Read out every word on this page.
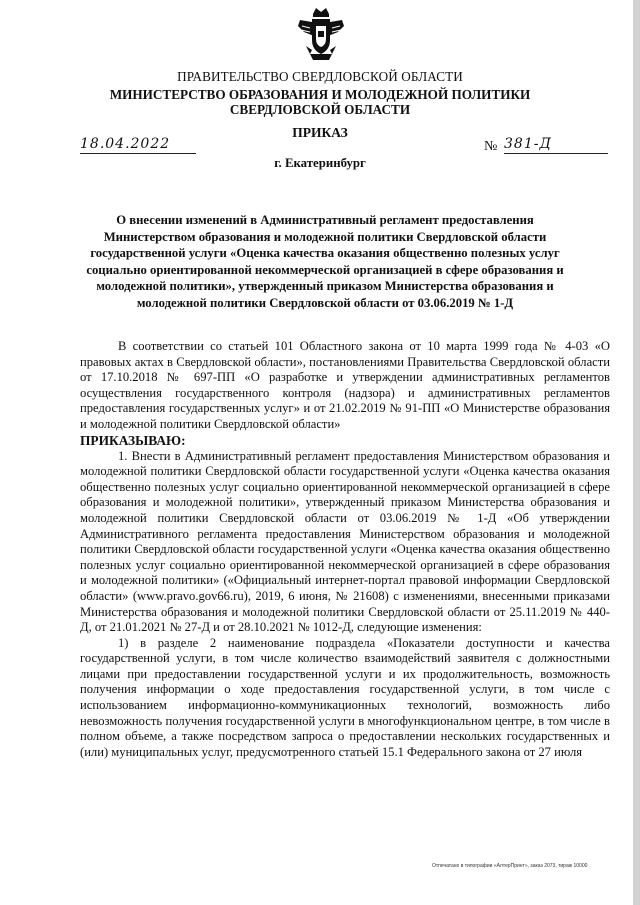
ПРАВИТЕЛЬСТВО СВЕРДЛОВСКОЙ ОБЛАСТИ
МИНИСТЕРСТВО ОБРАЗОВАНИЯ И МОЛОДЕЖНОЙ ПОЛИТИКИ
СВЕРДЛОВСКОЙ ОБЛАСТИ
ПРИКАЗ
18.04.2022	№ 381-Д
г. Екатеринбург
О внесении изменений в Административный регламент предоставления Министерством образования и молодежной политики Свердловской области государственной услуги «Оценка качества оказания общественно полезных услуг социально ориентированной некоммерческой организацией в сфере образования и молодежной политики», утвержденный приказом Министерства образования и молодежной политики Свердловской области от 03.06.2019 № 1-Д

В соответствии со статьей 101 Областного закона от 10 марта 1999 года № 4-03 «О правовых актах в Свердловской области», постановлениями Правительства Свердловской области от 17.10.2018 № 697-ПП «О разработке и утверждении административных регламентов осуществления государственного контроля (надзора) и административных регламентов предоставления государственных услуг» и от 21.02.2019 № 91-ПП «О Министерстве образования и молодежной политики Свердловской области»

ПРИКАЗЫВАЮ:

1. Внести в Административный регламент предоставления Министерством образования и молодежной политики Свердловской области государственной услуги «Оценка качества оказания общественно полезных услуг социально ориентированной некоммерческой организацией в сфере образования и молодежной политики», утвержденный приказом Министерства образования и молодежной политики Свердловской области от 03.06.2019 № 1-Д «Об утверждении Административного регламента предоставления Министерством образования и молодежной политики Свердловской области государственной услуги «Оценка качества оказания общественно полезных услуг социально ориентированной некоммерческой организацией в сфере образования и молодежной политики» («Официальный интернет-портал правовой информации Свердловской области» (www.pravo.gov66.ru), 2019, 6 июня, № 21608) с изменениями, внесенными приказами Министерства образования и молодежной политики Свердловской области от 25.11.2019 № 440-Д, от 21.01.2021 № 27-Д и от 28.10.2021 № 1012-Д, следующие изменения:

1) в разделе 2 наименование подраздела «Показатели доступности и качества государственной услуги, в том числе количество взаимодействий заявителя с должностными лицами при предоставлении государственной услуги и их продолжительность, возможность получения информации о ходе предоставления государственной услуги, в том числе с использованием информационно-коммуникационных технологий, возможность либо невозможность получения государственной услуги в многофункциональном центре, в том числе в полном объеме, а также посредством запроса о предоставлении нескольких государственных и (или) муниципальных услуг, предусмотренного статьей 15.1 Федерального закона от 27 июля

Отпечатано в типографии «АлтерПринт», заказ 2073, тираж 10000
